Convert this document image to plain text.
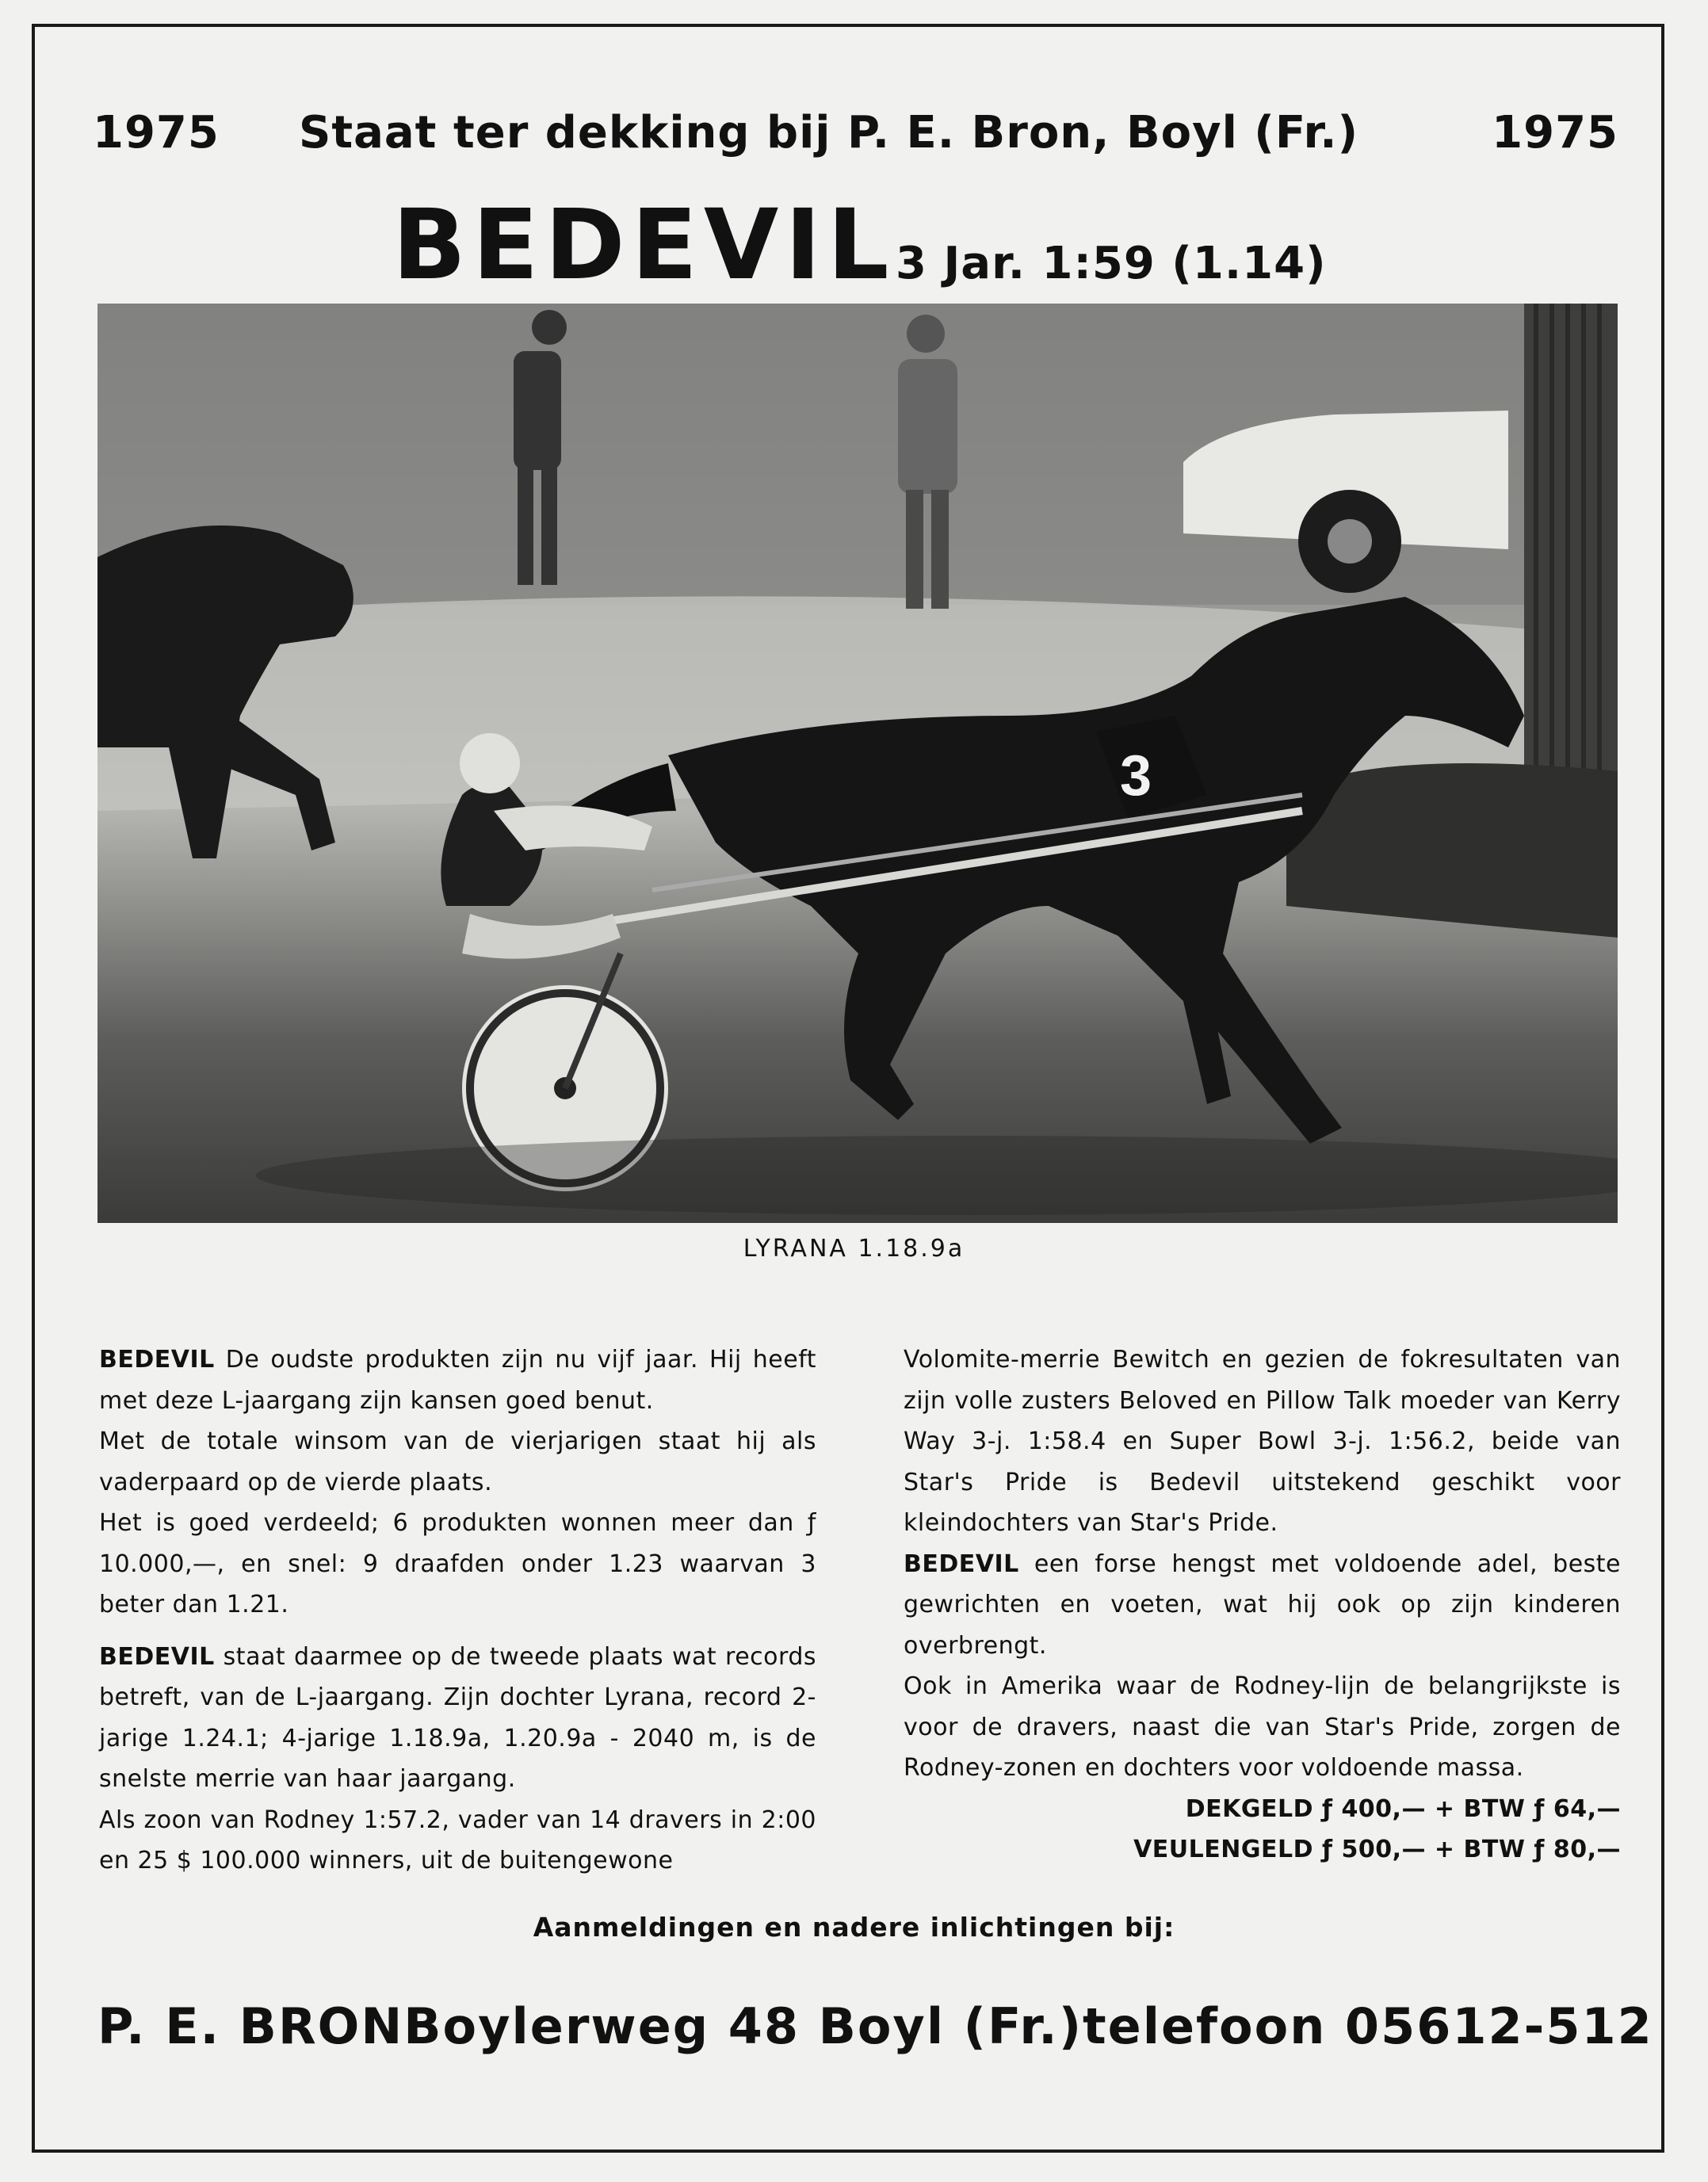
1975 Staat ter dekking bij P. E. Bron, Boyl (Fr.)	1975
BEDEVIL 3 Jar. 1:59 (1.14)
3
LYRANA 1.18.9a

BEDEVIL De oudste produkten zijn nu vijf jaar. Hij heeft met deze L-jaargang zijn kansen goed benut.

Met de totale winsom van de vierjarigen staat hij als vaderpaard op de vierde plaats.

Het is goed verdeeld; 6 produkten wonnen meer dan ƒ 10.000,—, en snel: 9 draafden onder 1.23 waarvan 3 beter dan 1.21.

BEDEVIL staat daarmee op de tweede plaats wat records betreft, van de L-jaargang. Zijn dochter Lyrana, record 2-jarige 1.24.1; 4-jarige 1.18.9a, 1.20.9a - 2040 m, is de snelste merrie van haar jaargang.

Als zoon van Rodney 1:57.2, vader van 14 dravers in 2:00 en 25 $ 100.000 winners, uit de buitengewone

Volomite-merrie Bewitch en gezien de fokresultaten van zijn volle zusters Beloved en Pillow Talk moeder van Kerry Way 3-j. 1:58.4 en Super Bowl 3-j. 1:56.2, beide van Star's Pride is Bedevil uitstekend geschikt voor kleindochters van Star's Pride.

BEDEVIL een forse hengst met voldoende adel, beste gewrichten en voeten, wat hij ook op zijn kinderen overbrengt.

Ook in Amerika waar de Rodney-lijn de belangrijkste is voor de dravers, naast die van Star's Pride, zorgen de Rodney-zonen en dochters voor voldoende massa.

DEKGELD ƒ 400,— + BTW ƒ 64,—

VEULENGELD ƒ 500,— + BTW ƒ 80,—

Aanmeldingen en nadere inlichtingen bij:
P. E. BRON Boylerweg 48 Boyl (Fr.) telefoon 05612-512
